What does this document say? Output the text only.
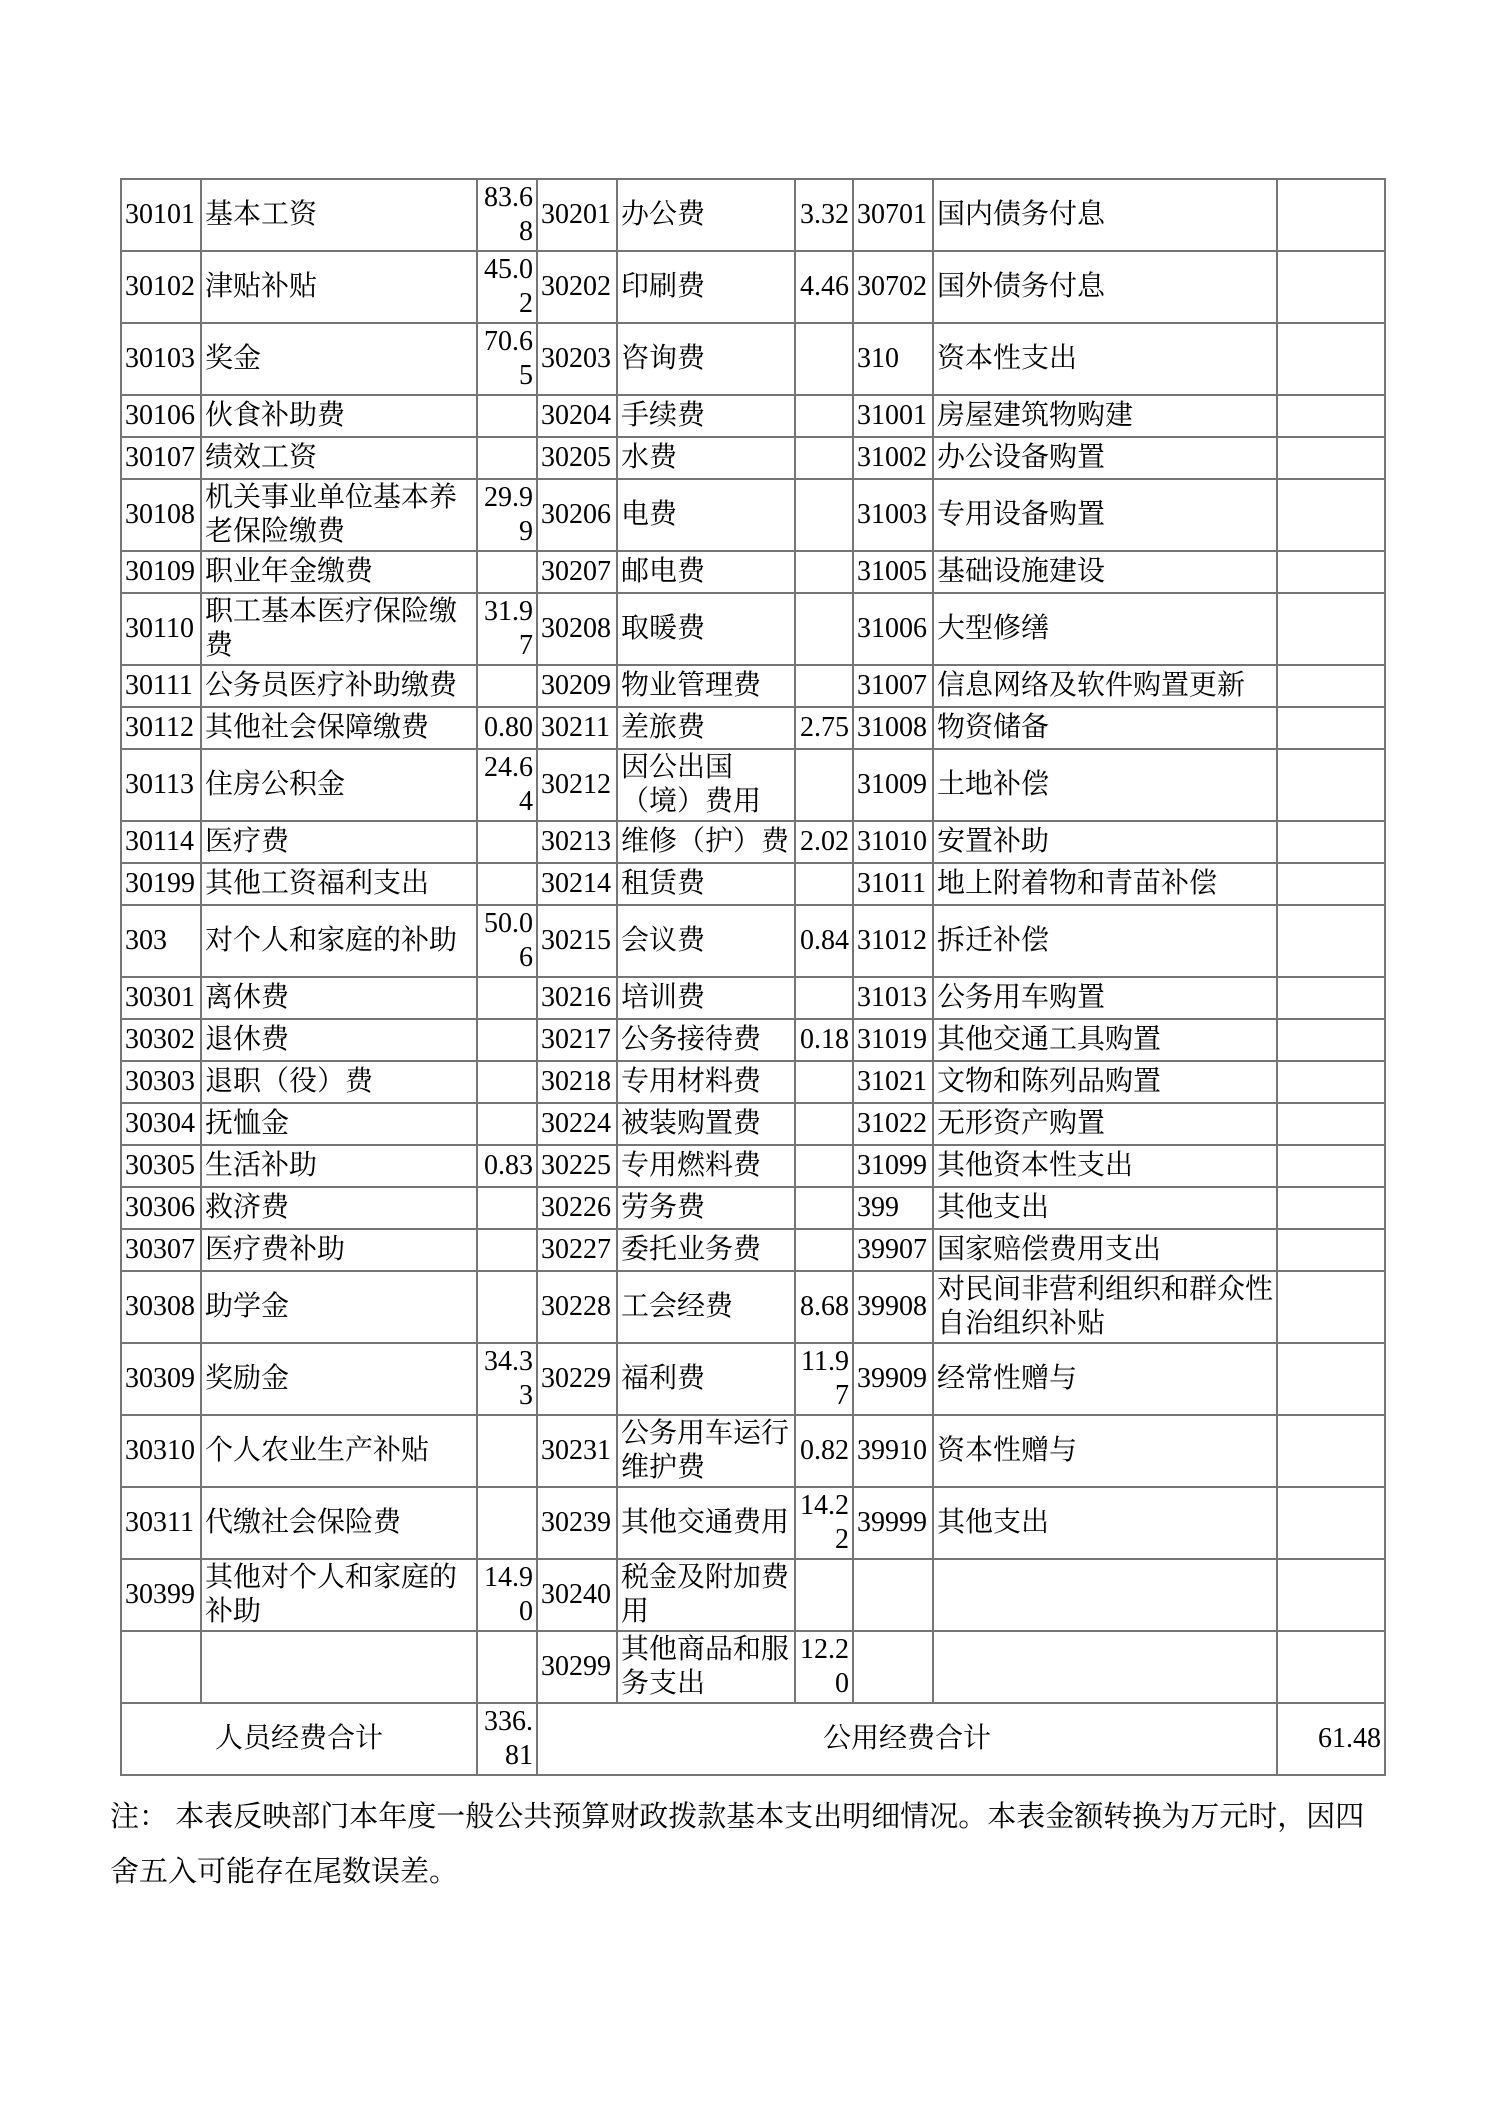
30101	基本工资	83.68	30201	办公费	3.32	30701	国内债务付息	
30102	津贴补贴	45.02	30202	印刷费	4.46	30702	国外债务付息	
30103	奖金	70.65	30203	咨询费		310	资本性支出	
30106	伙食补助费		30204	手续费		31001	房屋建筑物购建	
30107	绩效工资		30205	水费		31002	办公设备购置	
30108	机关事业单位基本养老保险缴费	29.99	30206	电费		31003	专用设备购置	
30109	职业年金缴费		30207	邮电费		31005	基础设施建设	
30110	职工基本医疗保险缴费	31.97	30208	取暖费		31006	大型修缮	
30111	公务员医疗补助缴费		30209	物业管理费		31007	信息网络及软件购置更新	
30112	其他社会保障缴费	0.80	30211	差旅费	2.75	31008	物资储备	
30113	住房公积金	24.64	30212	因公出国（境）费用		31009	土地补偿	
30114	医疗费		30213	维修（护）费	2.02	31010	安置补助	
30199	其他工资福利支出		30214	租赁费		31011	地上附着物和青苗补偿	
303	对个人和家庭的补助	50.06	30215	会议费	0.84	31012	拆迁补偿	
30301	离休费		30216	培训费		31013	公务用车购置	
30302	退休费		30217	公务接待费	0.18	31019	其他交通工具购置	
30303	退职（役）费		30218	专用材料费		31021	文物和陈列品购置	
30304	抚恤金		30224	被装购置费		31022	无形资产购置	
30305	生活补助	0.83	30225	专用燃料费		31099	其他资本性支出	
30306	救济费		30226	劳务费		399	其他支出	
30307	医疗费补助		30227	委托业务费		39907	国家赔偿费用支出	
30308	助学金		30228	工会经费	8.68	39908	对民间非营利组织和群众性自治组织补贴	
30309	奖励金	34.33	30229	福利费	11.97	39909	经常性赠与	
30310	个人农业生产补贴		30231	公务用车运行维护费	0.82	39910	资本性赠与	
30311	代缴社会保险费		30239	其他交通费用	14.22	39999	其他支出	
30399	其他对个人和家庭的补助	14.90	30240	税金及附加费用				
			30299	其他商品和服务支出	12.20			
人员经费合计		336.81	公用经费合计					61.48
注： 本表反映部门本年度一般公共预算财政拨款基本支出明细情况。本表金额转换为万元时，因四舍五入可能存在尾数误差。
